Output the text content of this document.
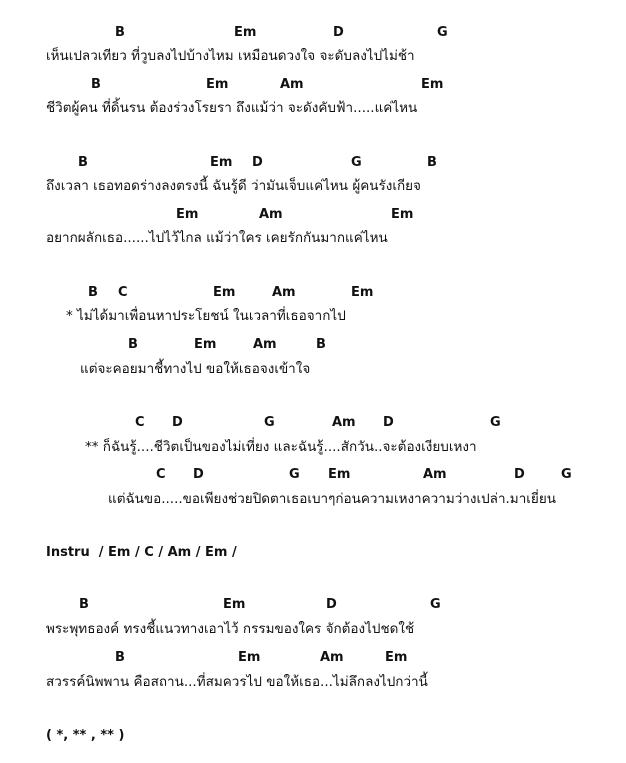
B	Em	D	G
เห็นเปลวเทียว ที่วูบลงไปบ้างไหม เหมือนดวงใจ จะดับลงไปไม่ช้า
B	Em	Am	Em
ชีวิตผู้คน ที่ดิ้นรน ต้องร่วงโรยรา ถึงแม้ว่า จะดังคับฟ้า.....แค่ไหน
B	Em D	G	B
ถึงเวลา เธอทอดร่างลงตรงนี้ ฉันรู้ดี ว่ามันเจ็บแค่ไหน ผู้คนรังเกียจ
Em	Am	Em
อยากผลักเธอ......ไปไว้ไกล แม้ว่าใคร เคยรักกันมากแค่ไหน
B C	Em	Am	Em
* ไม่ได้มาเพื่อนหาประโยชน์ ในเวลาที่เธอจากไป
B	Em	Am	B
แต่จะคอยมาชี้ทางไป ขอให้เธอจงเข้าใจ
C D	G	Am D	G
** ก็ฉันรู้....ชีวิตเป็นของไม่เที่ยง และฉันรู้....สักวัน..จะต้องเงียบเหงา
C D	G Em	Am	D	G
แต่ฉันขอ.....ขอเพียงช่วยปิดตาเธอเบาๆก่อนความเหงาความว่างเปล่า.มาเยี่ยน
Instru  / Em / C / Am / Em /
B	Em	D	G
พระพุทธองค์ ทรงชี้แนวทางเอาไว้ กรรมของใคร จักต้องไปชดใช้
B	Em	Am	Em
สวรรค์นิพพาน คือสถาน...ที่สมควรไป ขอให้เธอ...ไม่ลึกลงไปกว่านี้
( *, ** , ** )
